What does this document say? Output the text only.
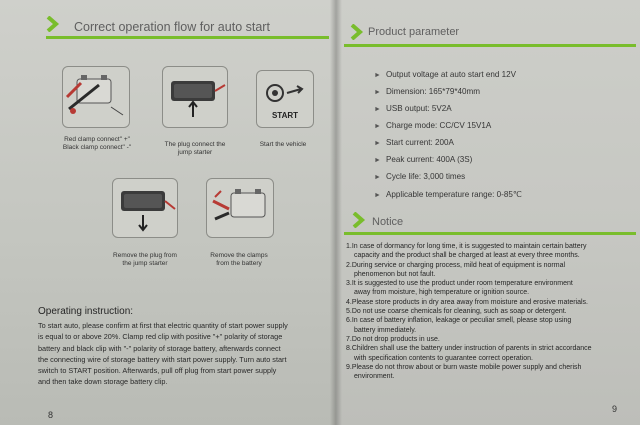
Correct operation flow for auto start
Red clamp connect" +"
Black clamp connect" -"	The plug connect the
jump starter
START
Start the vehicle
Remove the plug from
the jump starter
Remove the clamps
from the battery
Operating instruction:
To start auto, please confirm at first that electric quantity of start power supply
is equal to or above 20%. Clamp red clip with positive "+" polarity of storage
battery and black clip with "-" polarity of storage battery, afterwards connect
the connecting wire of storage battery with start power supply. Turn auto start
switch to START position. Afterwards, pull off plug from start power supply
and then take down storage battery clip.
8
Product parameter
► Output voltage at auto start end 12V
► Dimension: 165*79*40mm
► USB output: 5V2A
► Charge mode: CC/CV 15V1A
► Start current: 200A
► Peak current: 400A (3S)
► Cycle life: 3,000 times
► Applicable temperature range: 0-85℃
Notice
1.In case of dormancy for long time, it is suggested to maintain certain battery
capacity and the product shall be charged at least at every three months.
2.During service or charging process, mild heat of equipment is normal
phenomenon but not fault.
3.It is suggested to use the product under room temperature environment
away from moisture, high temperature or ignition source.
4.Please store products in dry area away from moisture and erosive materials.
5.Do not use coarse chemicals for cleaning, such as soap or detergent.
6.In case of battery inflation, leakage or peculiar smell, please stop using
battery immediately.
7.Do not drop products in use.
8.Children shall use the battery under instruction of parents in strict accordance
with specification contents to guarantee correct operation.
9.Please do not throw about or burn waste mobile power supply and cherish
environment.
9
